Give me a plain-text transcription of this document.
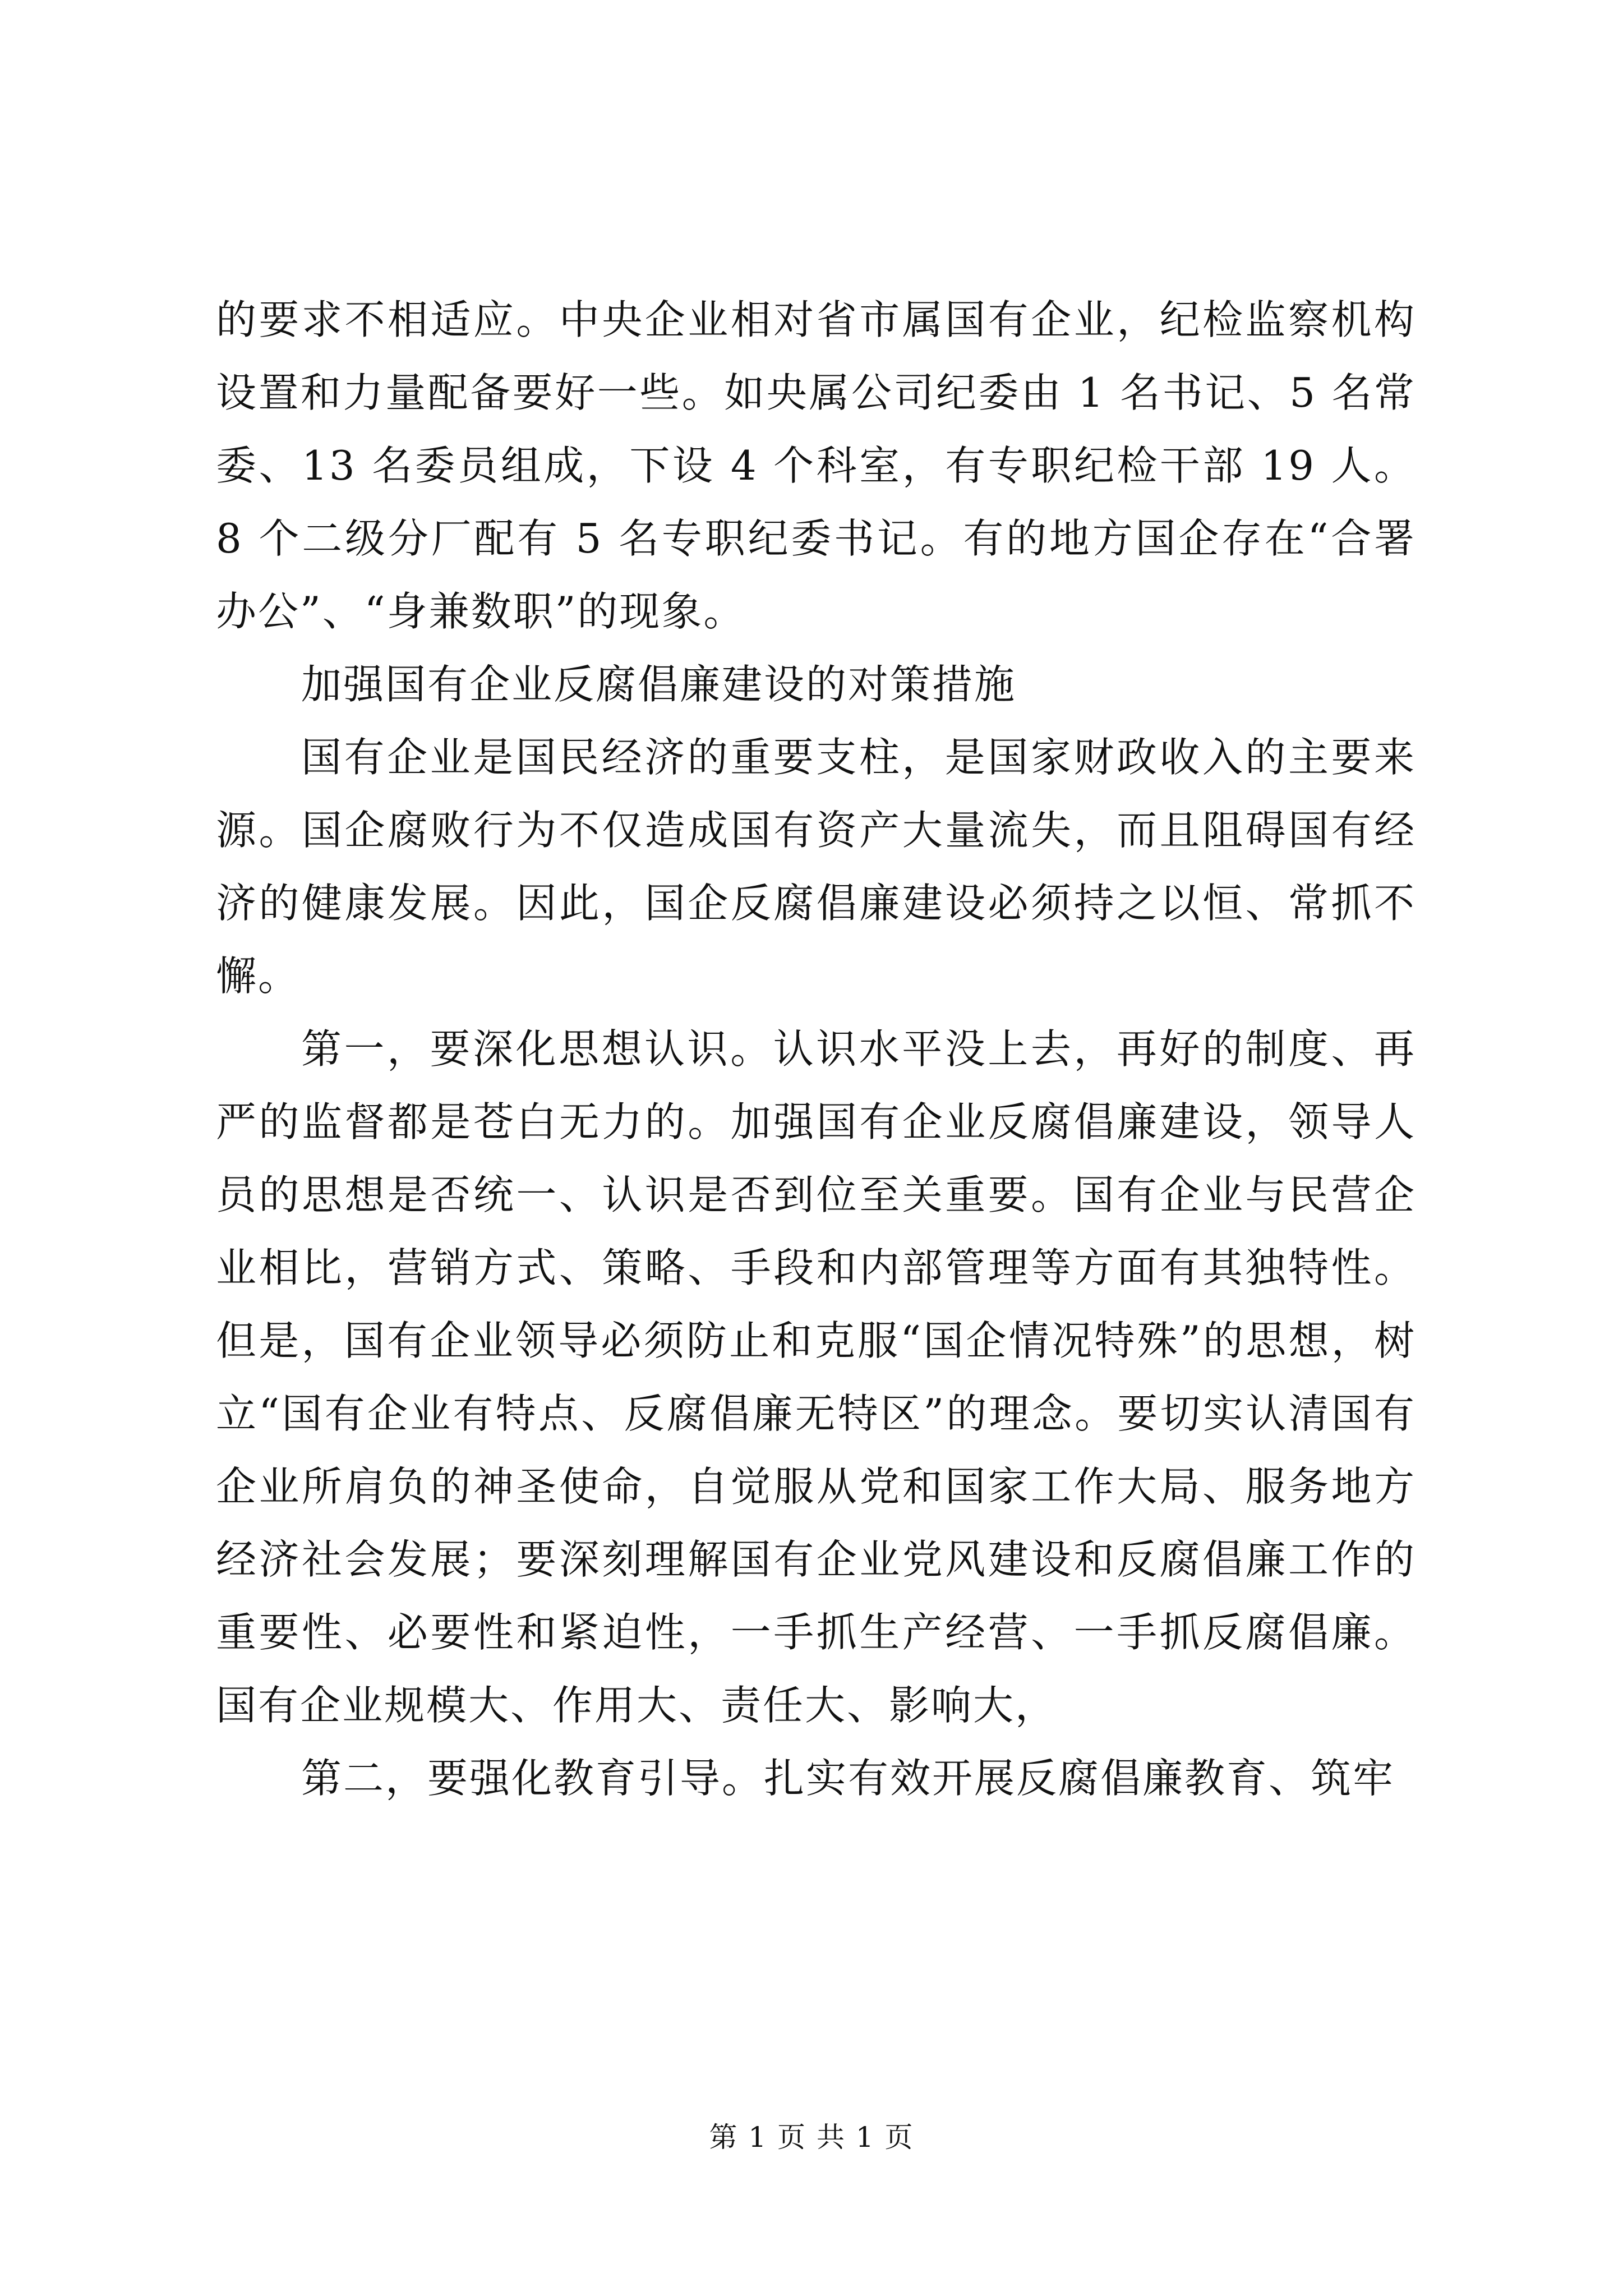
的要求不相适应。中央企业相对省市属国有企业，纪检监察机构设置和力量配备要好一些。如央属公司纪委由 1 名书记、5 名常委、13 名委员组成，下设 4 个科室，有专职纪检干部 19 人。8 个二级分厂配有 5 名专职纪委书记。有的地方国企存在“合署办公”、“身兼数职”的现象。

加强国有企业反腐倡廉建设的对策措施

国有企业是国民经济的重要支柱，是国家财政收入的主要来源。国企腐败行为不仅造成国有资产大量流失，而且阻碍国有经济的健康发展。因此，国企反腐倡廉建设必须持之以恒、常抓不懈。

第一，要深化思想认识。认识水平没上去，再好的制度、再严的监督都是苍白无力的。加强国有企业反腐倡廉建设，领导人员的思想是否统一、认识是否到位至关重要。国有企业与民营企业相比，营销方式、策略、手段和内部管理等方面有其独特性。但是，国有企业领导必须防止和克服“国企情况特殊”的思想，树立“国有企业有特点、反腐倡廉无特区”的理念。要切实认清国有企业所肩负的神圣使命，自觉服从党和国家工作大局、服务地方经济社会发展；要深刻理解国有企业党风建设和反腐倡廉工作的重要性、必要性和紧迫性，一手抓生产经营、一手抓反腐倡廉。国有企业规模大、作用大、责任大、影响大，

第二，要强化教育引导。扎实有效开展反腐倡廉教育、筑牢

第 1 页 共 1 页
